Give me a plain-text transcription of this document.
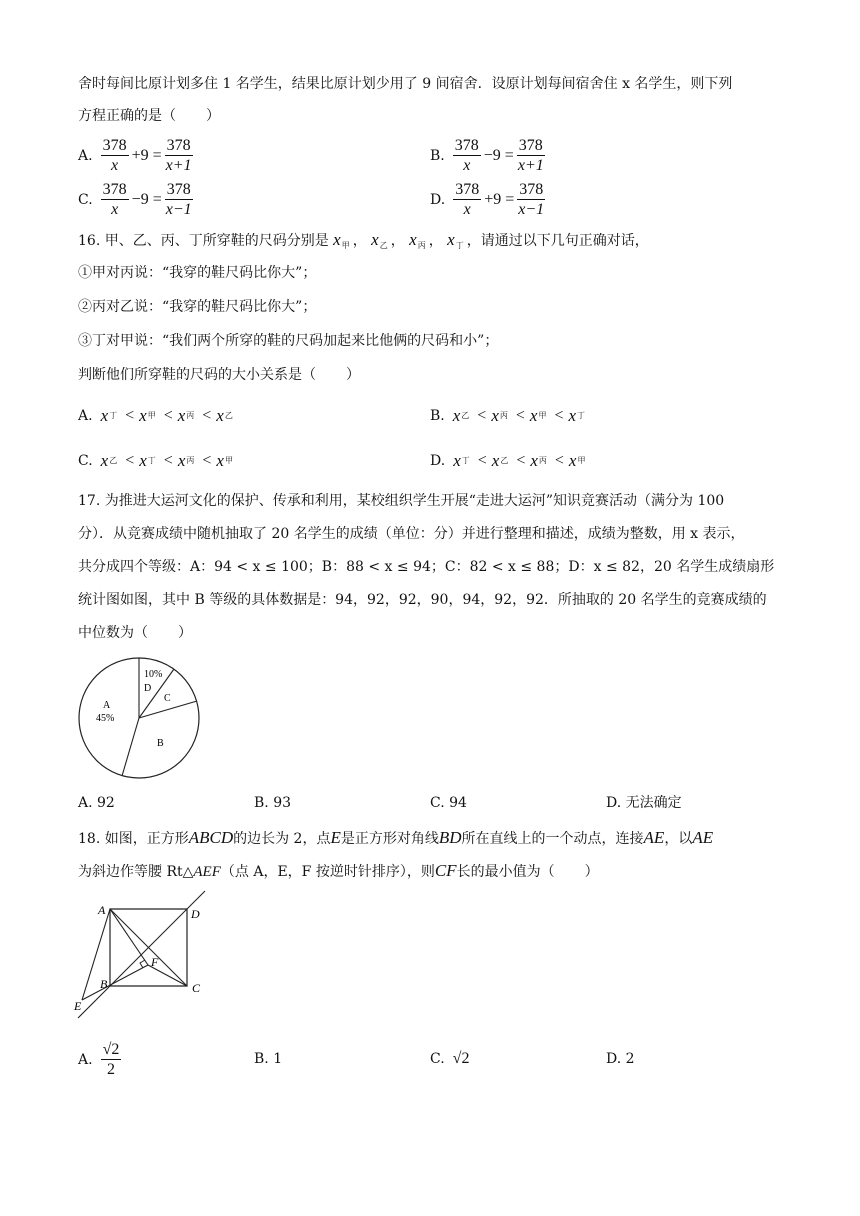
舍时每间比原计划多住 1 名学生，结果比原计划少用了 9 间宿舍．设原计划每间宿舍住 x 名学生，则下列
方程正确的是（ ）
A. $\frac{378}{x} +9 = \frac{378}{x+1}$	B. $\frac{378}{x} -9 = \frac{378}{x+1}$
C. $\frac{378}{x} -9 = \frac{378}{x-1}$	D. $\frac{378}{x} +9 = \frac{378}{x-1}$
16. 甲、乙、丙、丁所穿鞋的尺码分别是 $x_甲$ ， $x_乙$ ， $x_丙$ ， $x_丁$ ，请通过以下几句正确对话，
①甲对丙说：“我穿的鞋尺码比你大”；
②丙对乙说：“我穿的鞋尺码比你大”；
③丁对甲说：“我们两个所穿的鞋的尺码加起来比他俩的尺码和小”；
判断他们所穿鞋的尺码的大小关系是（ ）
A. x 丁 < x 甲 < x 丙 < x 乙	B. x 乙 < x 丙 < x 甲 < x 丁
C. x 乙 < x 丁 < x 丙 < x 甲	D. x 丁 < x 乙 < x 丙 < x 甲
17. 为推进大运河文化的保护、传承和利用，某校组织学生开展“走进大运河”知识竞赛活动（满分为 100
分）．从竞赛成绩中随机抽取了 20 名学生的成绩（单位：分）并进行整理和描述，成绩为整数，用 x 表示，
共分成四个等级：A：94 < x ≤ 100；B：88 < x ≤ 94；C：82 < x ≤ 88；D：x ≤ 82，20 名学生成绩扇形
统计图如图，其中 B 等级的具体数据是：94，92，92，90，94，92，92．所抽取的 20 名学生的竞赛成绩的
中位数为（ ）
10%
D
C
A
45%
B
A. 92	B. 93	C. 94	D. 无法确定
18. 如图，正方形ABCD的边长为 2，点E是正方形对角线BD所在直线上的一个动点，连接AE，以AE
为斜边作等腰 Rt△AEF（点 A，E，F 按逆时针排序），则CF长的最小值为（ ）
A	D
F
B	C
E
A. $\frac{√2}{2}$	B. 1	C. √2	D. 2
